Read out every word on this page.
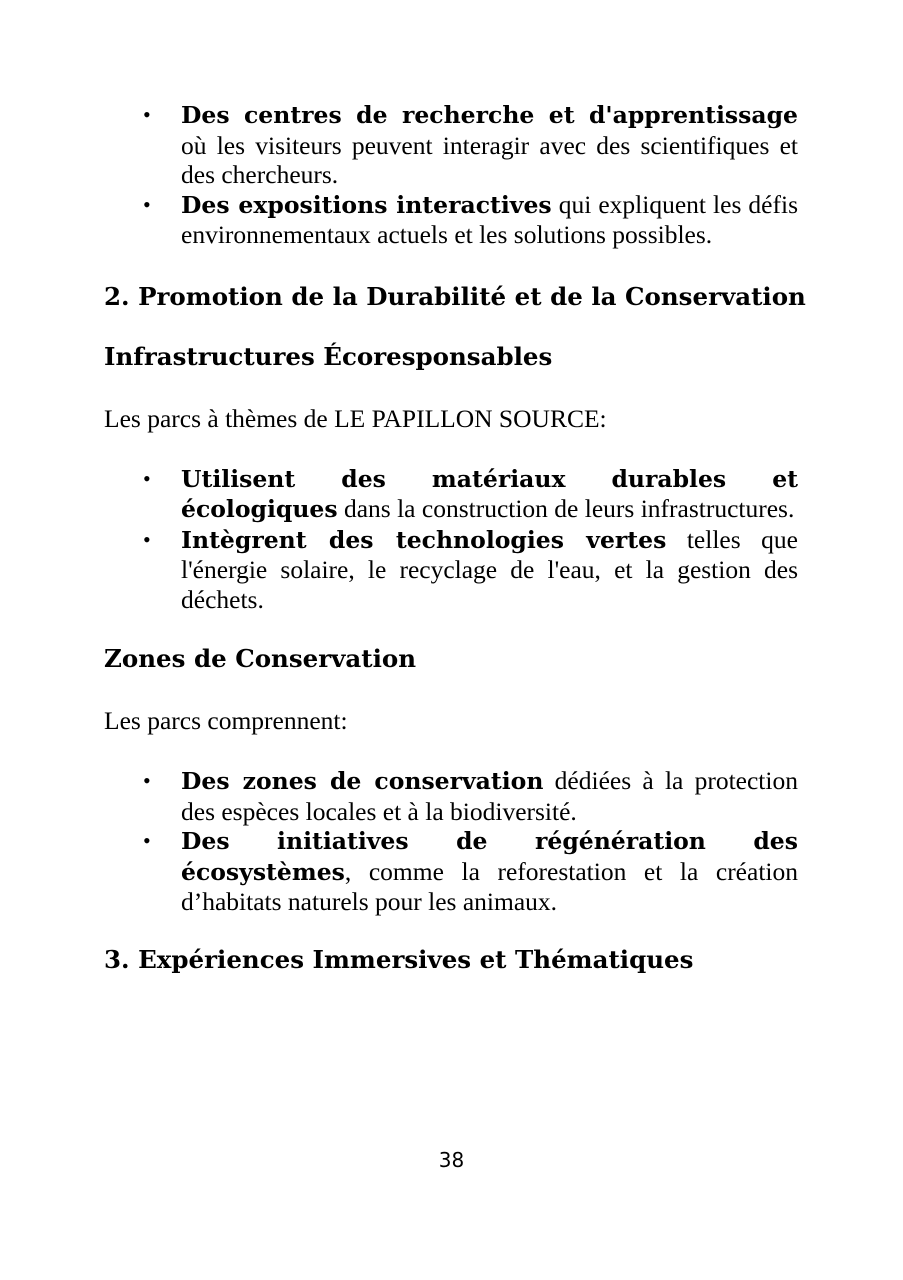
• Des centres de recherche et d'apprentissage où les visiteurs peuvent interagir avec des scientifiques et des chercheurs.
• Des expositions interactives qui expliquent les défis environnementaux actuels et les solutions possibles.
2. Promotion de la Durabilité et de la Conservation
Infrastructures Écoresponsables

Les parcs à thèmes de LE PAPILLON SOURCE:

• Utilisent des matériaux durables et écologiques dans la construction de leurs infrastructures.
• Intègrent des technologies vertes telles que l'énergie solaire, le recyclage de l'eau, et la gestion des déchets.
Zones de Conservation

Les parcs comprennent:

• Des zones de conservation dédiées à la protection des espèces locales et à la biodiversité.
• Des initiatives de régénération des écosystèmes, comme la reforestation et la création d’habitats naturels pour les animaux.
3. Expériences Immersives et Thématiques
38
